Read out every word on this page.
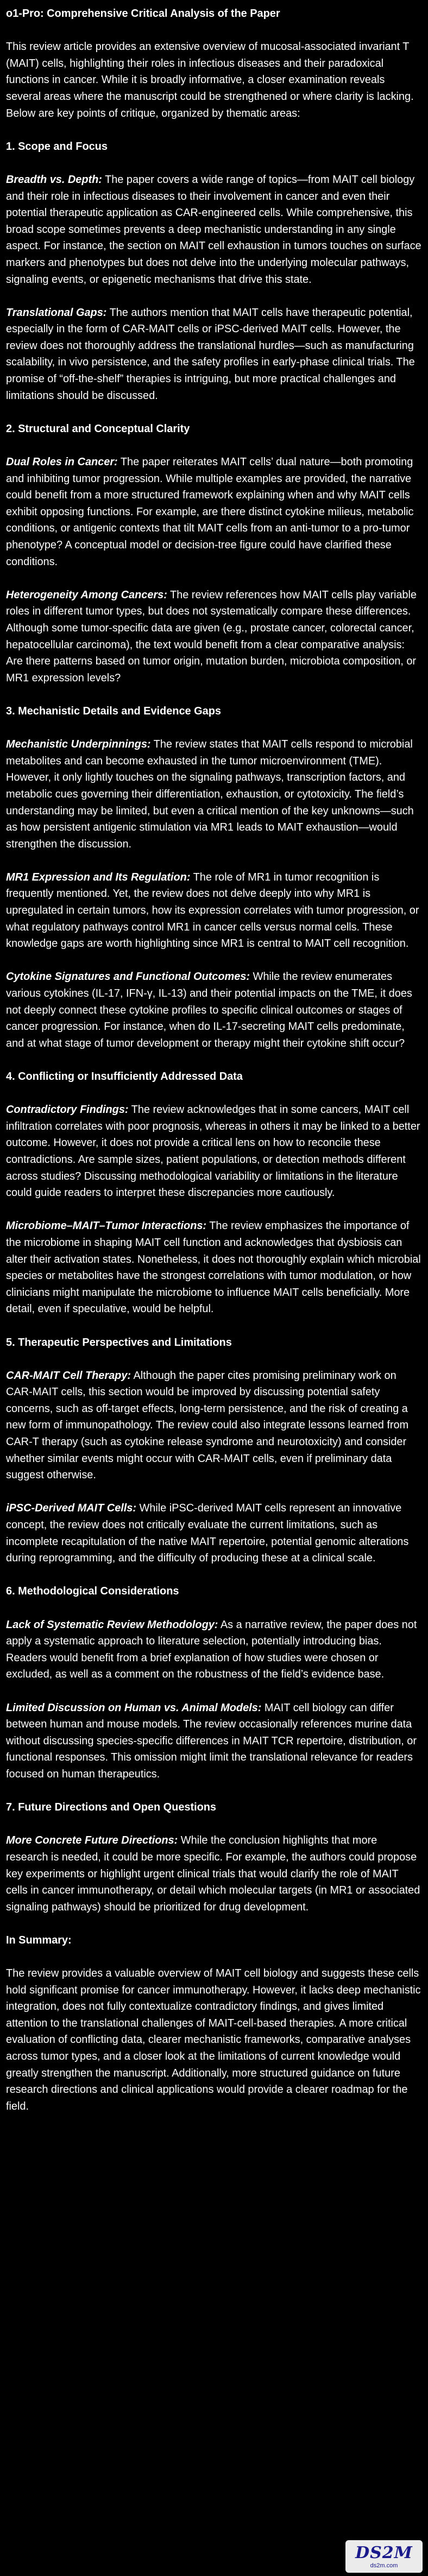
o1-Pro: Comprehensive Critical Analysis of the Paper

This review article provides an extensive overview of mucosal-associated invariant T (MAIT) cells, highlighting their roles in infectious diseases and their paradoxical functions in cancer. While it is broadly informative, a closer examination reveals several areas where the manuscript could be strengthened or where clarity is lacking. Below are key points of critique, organized by thematic areas:

1. Scope and Focus

Breadth vs. Depth: The paper covers a wide range of topics—from MAIT cell biology and their role in infectious diseases to their involvement in cancer and even their potential therapeutic application as CAR-engineered cells. While comprehensive, this broad scope sometimes prevents a deep mechanistic understanding in any single aspect. For instance, the section on MAIT cell exhaustion in tumors touches on surface markers and phenotypes but does not delve into the underlying molecular pathways, signaling events, or epigenetic mechanisms that drive this state.

Translational Gaps: The authors mention that MAIT cells have therapeutic potential, especially in the form of CAR-MAIT cells or iPSC-derived MAIT cells. However, the review does not thoroughly address the translational hurdles—such as manufacturing scalability, in vivo persistence, and the safety profiles in early-phase clinical trials. The promise of “off-the-shelf” therapies is intriguing, but more practical challenges and limitations should be discussed.

2. Structural and Conceptual Clarity

Dual Roles in Cancer: The paper reiterates MAIT cells’ dual nature—both promoting and inhibiting tumor progression. While multiple examples are provided, the narrative could benefit from a more structured framework explaining when and why MAIT cells exhibit opposing functions. For example, are there distinct cytokine milieus, metabolic conditions, or antigenic contexts that tilt MAIT cells from an anti-tumor to a pro-tumor phenotype? A conceptual model or decision-tree figure could have clarified these conditions.

Heterogeneity Among Cancers: The review references how MAIT cells play variable roles in different tumor types, but does not systematically compare these differences. Although some tumor-specific data are given (e.g., prostate cancer, colorectal cancer, hepatocellular carcinoma), the text would benefit from a clear comparative analysis: Are there patterns based on tumor origin, mutation burden, microbiota composition, or MR1 expression levels?

3. Mechanistic Details and Evidence Gaps

Mechanistic Underpinnings: The review states that MAIT cells respond to microbial metabolites and can become exhausted in the tumor microenvironment (TME). However, it only lightly touches on the signaling pathways, transcription factors, and metabolic cues governing their differentiation, exhaustion, or cytotoxicity. The field’s understanding may be limited, but even a critical mention of the key unknowns—such as how persistent antigenic stimulation via MR1 leads to MAIT exhaustion—would strengthen the discussion.

MR1 Expression and Its Regulation: The role of MR1 in tumor recognition is frequently mentioned. Yet, the review does not delve deeply into why MR1 is upregulated in certain tumors, how its expression correlates with tumor progression, or what regulatory pathways control MR1 in cancer cells versus normal cells. These knowledge gaps are worth highlighting since MR1 is central to MAIT cell recognition.

Cytokine Signatures and Functional Outcomes: While the review enumerates various cytokines (IL-17, IFN-γ, IL-13) and their potential impacts on the TME, it does not deeply connect these cytokine profiles to specific clinical outcomes or stages of cancer progression. For instance, when do IL-17-secreting MAIT cells predominate, and at what stage of tumor development or therapy might their cytokine shift occur?

4. Conflicting or Insufficiently Addressed Data

Contradictory Findings: The review acknowledges that in some cancers, MAIT cell infiltration correlates with poor prognosis, whereas in others it may be linked to a better outcome. However, it does not provide a critical lens on how to reconcile these contradictions. Are sample sizes, patient populations, or detection methods different across studies? Discussing methodological variability or limitations in the literature could guide readers to interpret these discrepancies more cautiously.

Microbiome–MAIT–Tumor Interactions: The review emphasizes the importance of the microbiome in shaping MAIT cell function and acknowledges that dysbiosis can alter their activation states. Nonetheless, it does not thoroughly explain which microbial species or metabolites have the strongest correlations with tumor modulation, or how clinicians might manipulate the microbiome to influence MAIT cells beneficially. More detail, even if speculative, would be helpful.

5. Therapeutic Perspectives and Limitations

CAR-MAIT Cell Therapy: Although the paper cites promising preliminary work on CAR-MAIT cells, this section would be improved by discussing potential safety concerns, such as off-target effects, long-term persistence, and the risk of creating a new form of immunopathology. The review could also integrate lessons learned from CAR-T therapy (such as cytokine release syndrome and neurotoxicity) and consider whether similar events might occur with CAR-MAIT cells, even if preliminary data suggest otherwise.

iPSC-Derived MAIT Cells: While iPSC-derived MAIT cells represent an innovative concept, the review does not critically evaluate the current limitations, such as incomplete recapitulation of the native MAIT repertoire, potential genomic alterations during reprogramming, and the difficulty of producing these at a clinical scale.

6. Methodological Considerations

Lack of Systematic Review Methodology: As a narrative review, the paper does not apply a systematic approach to literature selection, potentially introducing bias. Readers would benefit from a brief explanation of how studies were chosen or excluded, as well as a comment on the robustness of the field’s evidence base.

Limited Discussion on Human vs. Animal Models: MAIT cell biology can differ between human and mouse models. The review occasionally references murine data without discussing species-specific differences in MAIT TCR repertoire, distribution, or functional responses. This omission might limit the translational relevance for readers focused on human therapeutics.

7. Future Directions and Open Questions

More Concrete Future Directions: While the conclusion highlights that more research is needed, it could be more specific. For example, the authors could propose key experiments or highlight urgent clinical trials that would clarify the role of MAIT cells in cancer immunotherapy, or detail which molecular targets (in MR1 or associated signaling pathways) should be prioritized for drug development.

In Summary:

The review provides a valuable overview of MAIT cell biology and suggests these cells hold significant promise for cancer immunotherapy. However, it lacks deep mechanistic integration, does not fully contextualize contradictory findings, and gives limited attention to the translational challenges of MAIT-cell-based therapies. A more critical evaluation of conflicting data, clearer mechanistic frameworks, comparative analyses across tumor types, and a closer look at the limitations of current knowledge would greatly strengthen the manuscript. Additionally, more structured guidance on future research directions and clinical applications would provide a clearer roadmap for the field.

DS2M
ds2m.com
